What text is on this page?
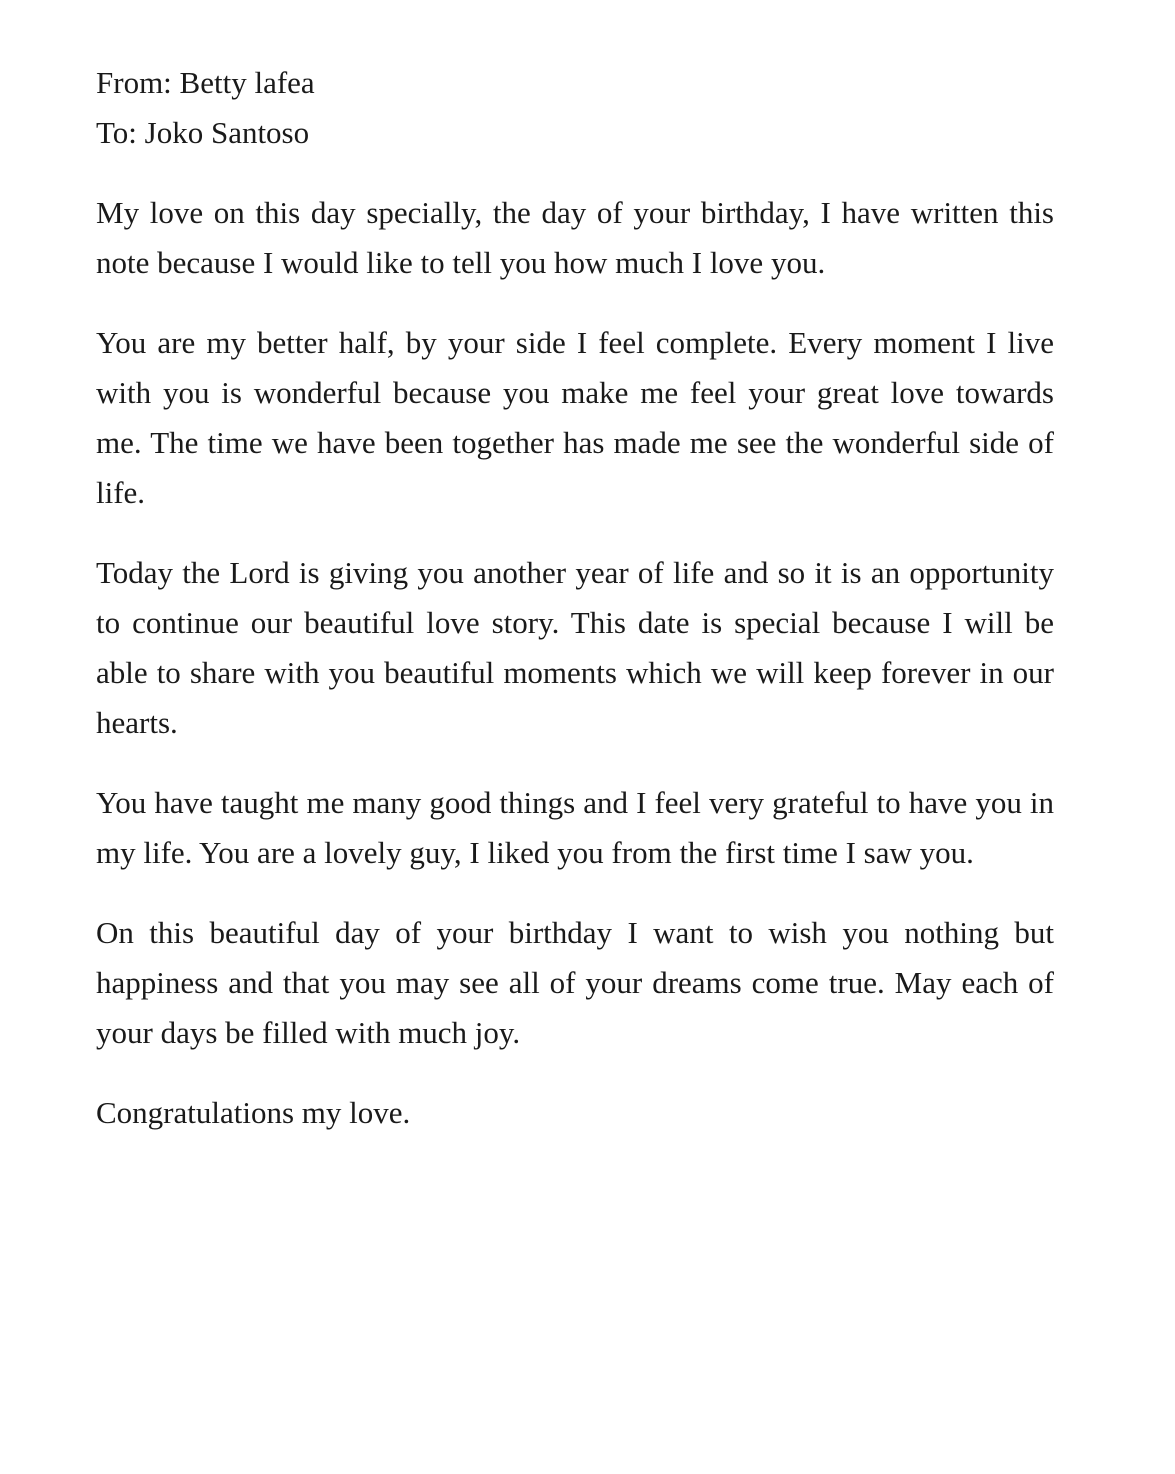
From: Betty lafea

To: Joko Santoso

My love on this day specially, the day of your birthday, I have written this note because I would like to tell you how much I love you.

You are my better half, by your side I feel complete. Every moment I live with you is wonderful because you make me feel your great love towards me. The time we have been together has made me see the wonderful side of life.

Today the Lord is giving you another year of life and so it is an opportunity to continue our beautiful love story. This date is special because I will be able to share with you beautiful moments which we will keep forever in our hearts.

You have taught me many good things and I feel very grateful to have you in my life. You are a lovely guy, I liked you from the first time I saw you.

On this beautiful day of your birthday I want to wish you nothing but happiness and that you may see all of your dreams come true. May each of your days be filled with much joy.

Congratulations my love.
